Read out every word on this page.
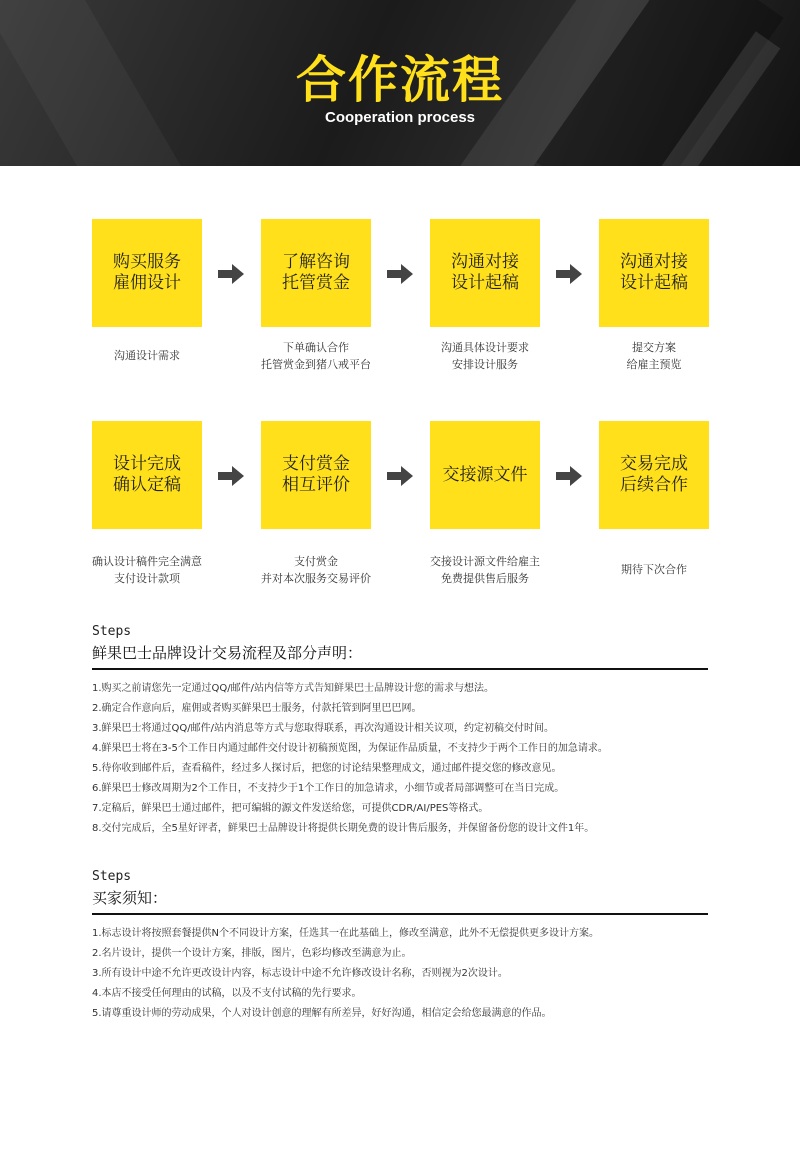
合作流程
Cooperation process
购买服务
雇佣设计
了解咨询
托管赏金
沟通对接
设计起稿
沟通对接
设计起稿
沟通设计需求
下单确认合作
托管赏金到猪八戒平台
沟通具体设计要求
安排设计服务
提交方案
给雇主预览
设计完成
确认定稿
支付赏金
相互评价
交接源文件
交易完成
后续合作
确认设计稿件完全满意
支付设计款项
支付赏金
并对本次服务交易评价
交接设计源文件给雇主
免费提供售后服务
期待下次合作
Steps
鲜果巴士品牌设计交易流程及部分声明：
1.购买之前请您先一定通过QQ/邮件/站内信等方式告知鲜果巴士品牌设计您的需求与想法。
2.确定合作意向后，雇佣或者购买鲜果巴士服务，付款托管到阿里巴巴网。
3.鲜果巴士将通过QQ/邮件/站内消息等方式与您取得联系，再次沟通设计相关议项，约定初稿交付时间。
4.鲜果巴士将在3-5个工作日内通过邮件交付设计初稿预览图，为保证作品质量，不支持少于两个工作日的加急请求。
5.待你收到邮件后，查看稿件，经过多人探讨后，把您的讨论结果整理成文，通过邮件提交您的修改意见。
6.鲜果巴士修改周期为2个工作日，不支持少于1个工作日的加急请求，小细节或者局部调整可在当日完成。
7.定稿后，鲜果巴士通过邮件，把可编辑的源文件发送给您，可提供CDR/AI/PES等格式。
8.交付完成后，全5星好评者，鲜果巴士品牌设计将提供长期免费的设计售后服务，并保留备份您的设计文件1年。
Steps
买家须知：
1.标志设计将按照套餐提供N个不同设计方案，任选其一在此基础上，修改至满意，此外不无偿提供更多设计方案。
2.名片设计，提供一个设计方案，排版，图片，色彩均修改至满意为止。
3.所有设计中途不允许更改设计内容，标志设计中途不允许修改设计名称，否则视为2次设计。
4.本店不接受任何理由的试稿，以及不支付试稿的先行要求。
5.请尊重设计师的劳动成果，个人对设计创意的理解有所差异，好好沟通，相信定会给您最满意的作品。
